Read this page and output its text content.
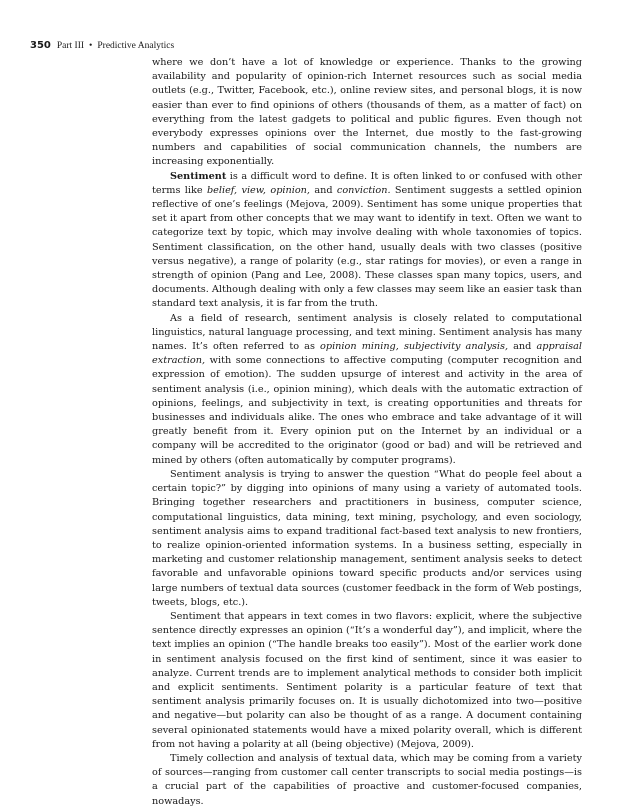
350 Part III • Predictive Analytics

where we don’t have a lot of knowledge or experience. Thanks to the growing availability and popularity of opinion-rich Internet resources such as social media outlets (e.g., Twitter, Facebook, etc.), online review sites, and personal blogs, it is now easier than ever to find opinions of others (thousands of them, as a matter of fact) on everything from the latest gadgets to political and public figures. Even though not everybody expresses opinions over the Internet, due mostly to the fast-growing numbers and capabilities of social communication channels, the numbers are increasing exponentially.

Sentiment is a difficult word to define. It is often linked to or confused with other terms like belief, view, opinion, and conviction. Sentiment suggests a settled opinion reflective of one’s feelings (Mejova, 2009). Sentiment has some unique properties that set it apart from other concepts that we may want to identify in text. Often we want to categorize text by topic, which may involve dealing with whole taxonomies of topics. Sentiment classification, on the other hand, usually deals with two classes (positive versus negative), a range of polarity (e.g., star ratings for movies), or even a range in strength of opinion (Pang and Lee, 2008). These classes span many topics, users, and documents. Although dealing with only a few classes may seem like an easier task than standard text analysis, it is far from the truth.

As a field of research, sentiment analysis is closely related to computational linguistics, natural language processing, and text mining. Sentiment analysis has many names. It’s often referred to as opinion mining, subjectivity analysis, and appraisal extraction, with some connections to affective computing (computer recognition and expression of emotion). The sudden upsurge of interest and activity in the area of sentiment analysis (i.e., opinion mining), which deals with the automatic extraction of opinions, feelings, and subjectivity in text, is creating opportunities and threats for businesses and individuals alike. The ones who embrace and take advantage of it will greatly benefit from it. Every opinion put on the Internet by an individual or a company will be accredited to the originator (good or bad) and will be retrieved and mined by others (often automatically by computer programs).

Sentiment analysis is trying to answer the question “What do people feel about a certain topic?” by digging into opinions of many using a variety of automated tools. Bringing together researchers and practitioners in business, computer science, computational linguistics, data mining, text mining, psychology, and even sociology, sentiment analysis aims to expand traditional fact-based text analysis to new frontiers, to realize opinion-oriented information systems. In a business setting, especially in marketing and customer relationship management, sentiment analysis seeks to detect favorable and unfavorable opinions toward specific products and/or services using large numbers of textual data sources (customer feedback in the form of Web postings, tweets, blogs, etc.).

Sentiment that appears in text comes in two flavors: explicit, where the subjective sentence directly expresses an opinion (“It’s a wonderful day”), and implicit, where the text implies an opinion (“The handle breaks too easily”). Most of the earlier work done in sentiment analysis focused on the first kind of sentiment, since it was easier to analyze. Current trends are to implement analytical methods to consider both implicit and explicit sentiments. Sentiment polarity is a particular feature of text that sentiment analysis primarily focuses on. It is usually dichotomized into two—positive and negative—but polarity can also be thought of as a range. A document containing several opinionated statements would have a mixed polarity overall, which is different from not having a polarity at all (being objective) (Mejova, 2009).

Timely collection and analysis of textual data, which may be coming from a variety of sources—ranging from customer call center transcripts to social media postings—is a crucial part of the capabilities of proactive and customer-focused companies, nowadays.
